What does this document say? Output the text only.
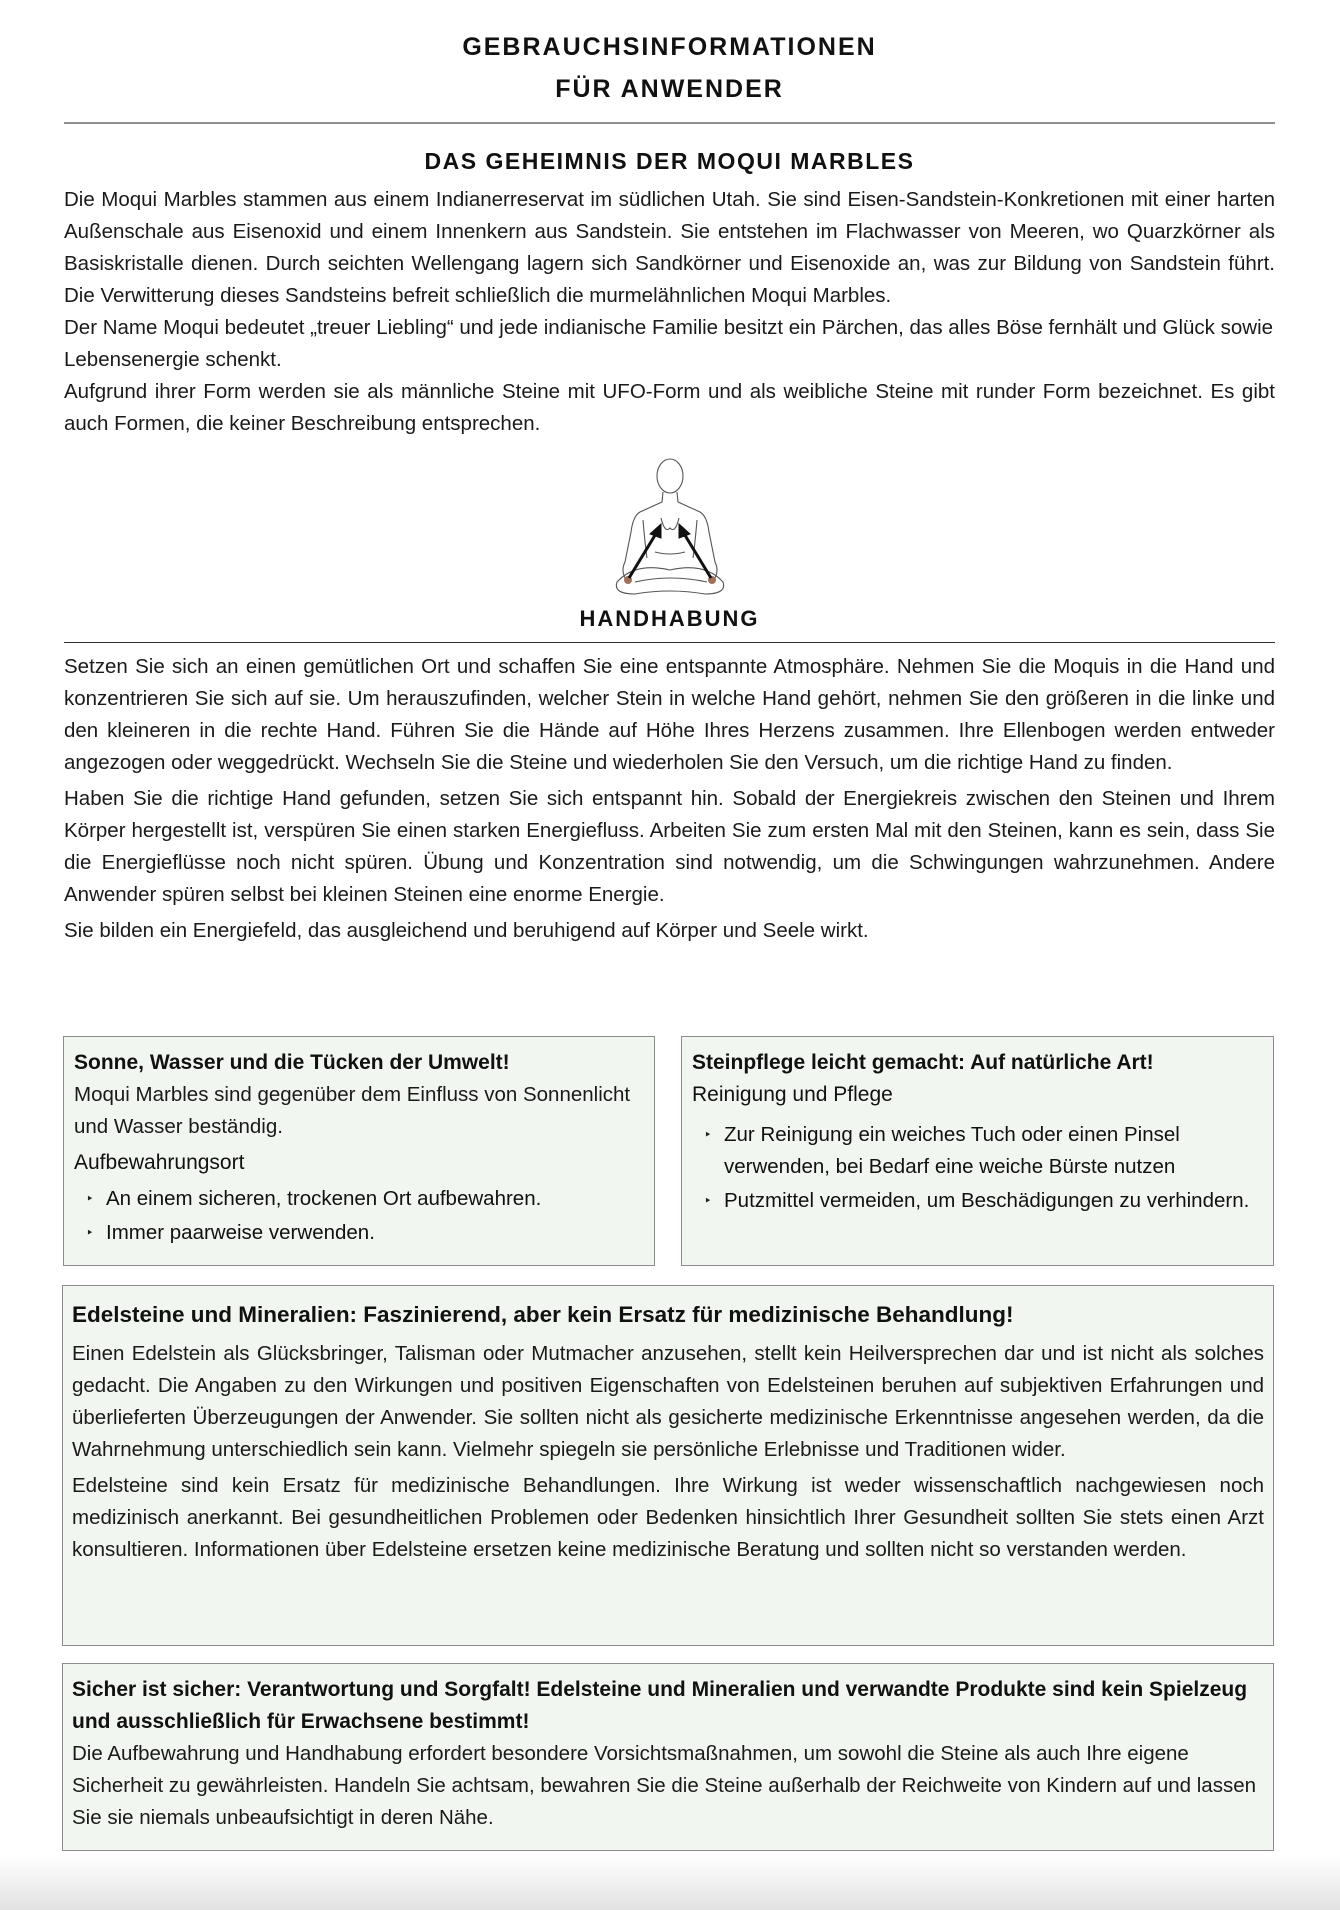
GEBRAUCHSINFORMATIONEN
FÜR ANWENDER
DAS GEHEIMNIS DER MOQUI MARBLES

Die Moqui Marbles stammen aus einem Indianerreservat im südlichen Utah. Sie sind Eisen-Sandstein-Konkretionen mit einer harten Außenschale aus Eisenoxid und einem Innenkern aus Sandstein. Sie entstehen im Flachwasser von Meeren, wo Quarzkörner als Basiskristalle dienen. Durch seichten Wellengang lagern sich Sandkörner und Eisenoxide an, was zur Bildung von Sandstein führt. Die Verwitterung dieses Sandsteins befreit schließlich die murmelähnlichen Moqui Marbles.

Der Name Moqui bedeutet „treuer Liebling“ und jede indianische Familie besitzt ein Pärchen, das alles Böse fernhält und Glück sowie Lebensenergie schenkt.

Aufgrund ihrer Form werden sie als männliche Steine mit UFO-Form und als weibliche Steine mit runder Form bezeichnet. Es gibt auch Formen, die keiner Beschreibung entsprechen.

HANDHABUNG

Setzen Sie sich an einen gemütlichen Ort und schaffen Sie eine entspannte Atmosphäre. Nehmen Sie die Moquis in die Hand und konzentrieren Sie sich auf sie. Um herauszufinden, welcher Stein in welche Hand gehört, nehmen Sie den größeren in die linke und den kleineren in die rechte Hand. Führen Sie die Hände auf Höhe Ihres Herzens zusammen. Ihre Ellenbogen werden entweder angezogen oder weggedrückt. Wechseln Sie die Steine und wiederholen Sie den Versuch, um die richtige Hand zu finden.

Haben Sie die richtige Hand gefunden, setzen Sie sich entspannt hin. Sobald der Energiekreis zwischen den Steinen und Ihrem Körper hergestellt ist, verspüren Sie einen starken Energiefluss. Arbeiten Sie zum ersten Mal mit den Steinen, kann es sein, dass Sie die Energieflüsse noch nicht spüren. Übung und Konzentration sind notwendig, um die Schwingungen wahrzunehmen. Andere Anwender spüren selbst bei kleinen Steinen eine enorme Energie.

Sie bilden ein Energiefeld, das ausgleichend und beruhigend auf Körper und Seele wirkt.

Sonne, Wasser und die Tücken der Umwelt!

Moqui Marbles sind gegenüber dem Einfluss von Sonnenlicht und Wasser beständig.

Aufbewahrungsort
‣ An einem sicheren, trockenen Ort aufbewahren.
‣ Immer paarweise verwenden.
Steinpflege leicht gemacht: Auf natürliche Art!
Reinigung und Pflege
‣ Zur Reinigung ein weiches Tuch oder einen Pinsel verwenden, bei Bedarf eine weiche Bürste nutzen
‣ Putzmittel vermeiden, um Beschädigungen zu verhindern.
Edelsteine und Mineralien: Faszinierend, aber kein Ersatz für medizinische Behandlung!

Einen Edelstein als Glücksbringer, Talisman oder Mutmacher anzusehen, stellt kein Heilversprechen dar und ist nicht als solches gedacht. Die Angaben zu den Wirkungen und positiven Eigenschaften von Edelsteinen beruhen auf subjektiven Erfahrungen und überlieferten Überzeugungen der Anwender. Sie sollten nicht als gesicherte medizinische Erkenntnisse angesehen werden, da die Wahrnehmung unterschiedlich sein kann. Vielmehr spiegeln sie persönliche Erlebnisse und Traditionen wider.

Edelsteine sind kein Ersatz für medizinische Behandlungen. Ihre Wirkung ist weder wissenschaftlich nachgewiesen noch medizinisch anerkannt. Bei gesundheitlichen Problemen oder Bedenken hinsichtlich Ihrer Gesundheit sollten Sie stets einen Arzt konsultieren. Informationen über Edelsteine ersetzen keine medizinische Beratung und sollten nicht so verstanden werden.

Sicher ist sicher: Verantwortung und Sorgfalt! Edelsteine und Mineralien und verwandte Produkte sind kein Spielzeug und ausschließlich für Erwachsene bestimmt!

Die Aufbewahrung und Handhabung erfordert besondere Vorsichtsmaßnahmen, um sowohl die Steine als auch Ihre eigene Sicherheit zu gewährleisten. Handeln Sie achtsam, bewahren Sie die Steine außerhalb der Reichweite von Kindern auf und lassen Sie sie niemals unbeaufsichtigt in deren Nähe.
